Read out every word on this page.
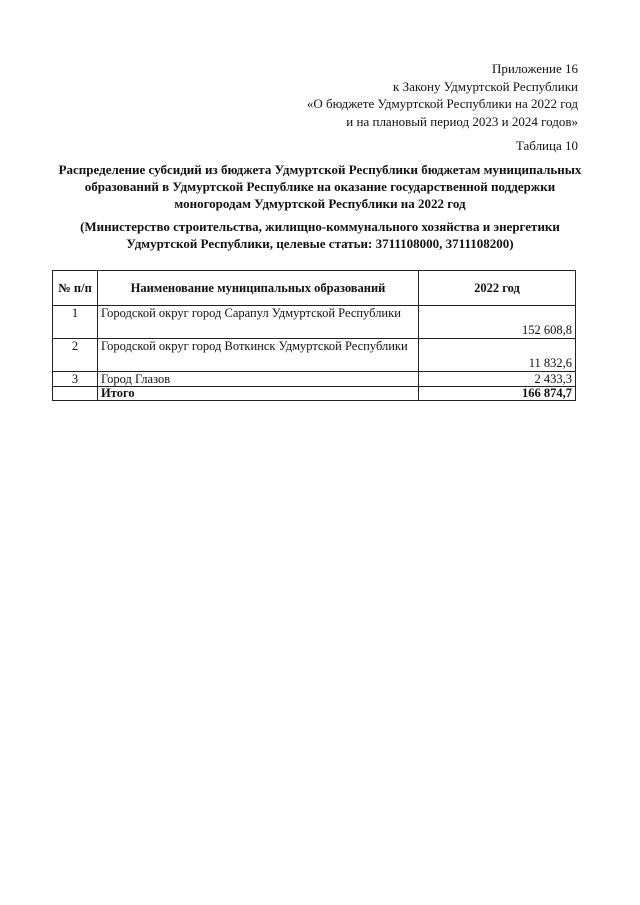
Приложение 16
к Закону Удмуртской Республики
«О бюджете Удмуртской Республики на 2022 год
и на плановый период 2023 и 2024 годов»
Таблица 10
Распределение субсидий из бюджета Удмуртской Республики бюджетам муниципальных
образований в Удмуртской Республике на оказание государственной поддержки
моногородам Удмуртской Республики на 2022 год
(Министерство строительства, жилищно-коммунального хозяйства и энергетики
Удмуртской Республики, целевые статьи: 3711108000, 3711108200)
№ п/п	Наименование муниципальных образований	2022 год
1	Городской округ город Сарапул Удмуртской Республики	152 608,8
2	Городской округ город Воткинск Удмуртской Республики	11 832,6
3	Город Глазов	2 433,3
	Итого	166 874,7
